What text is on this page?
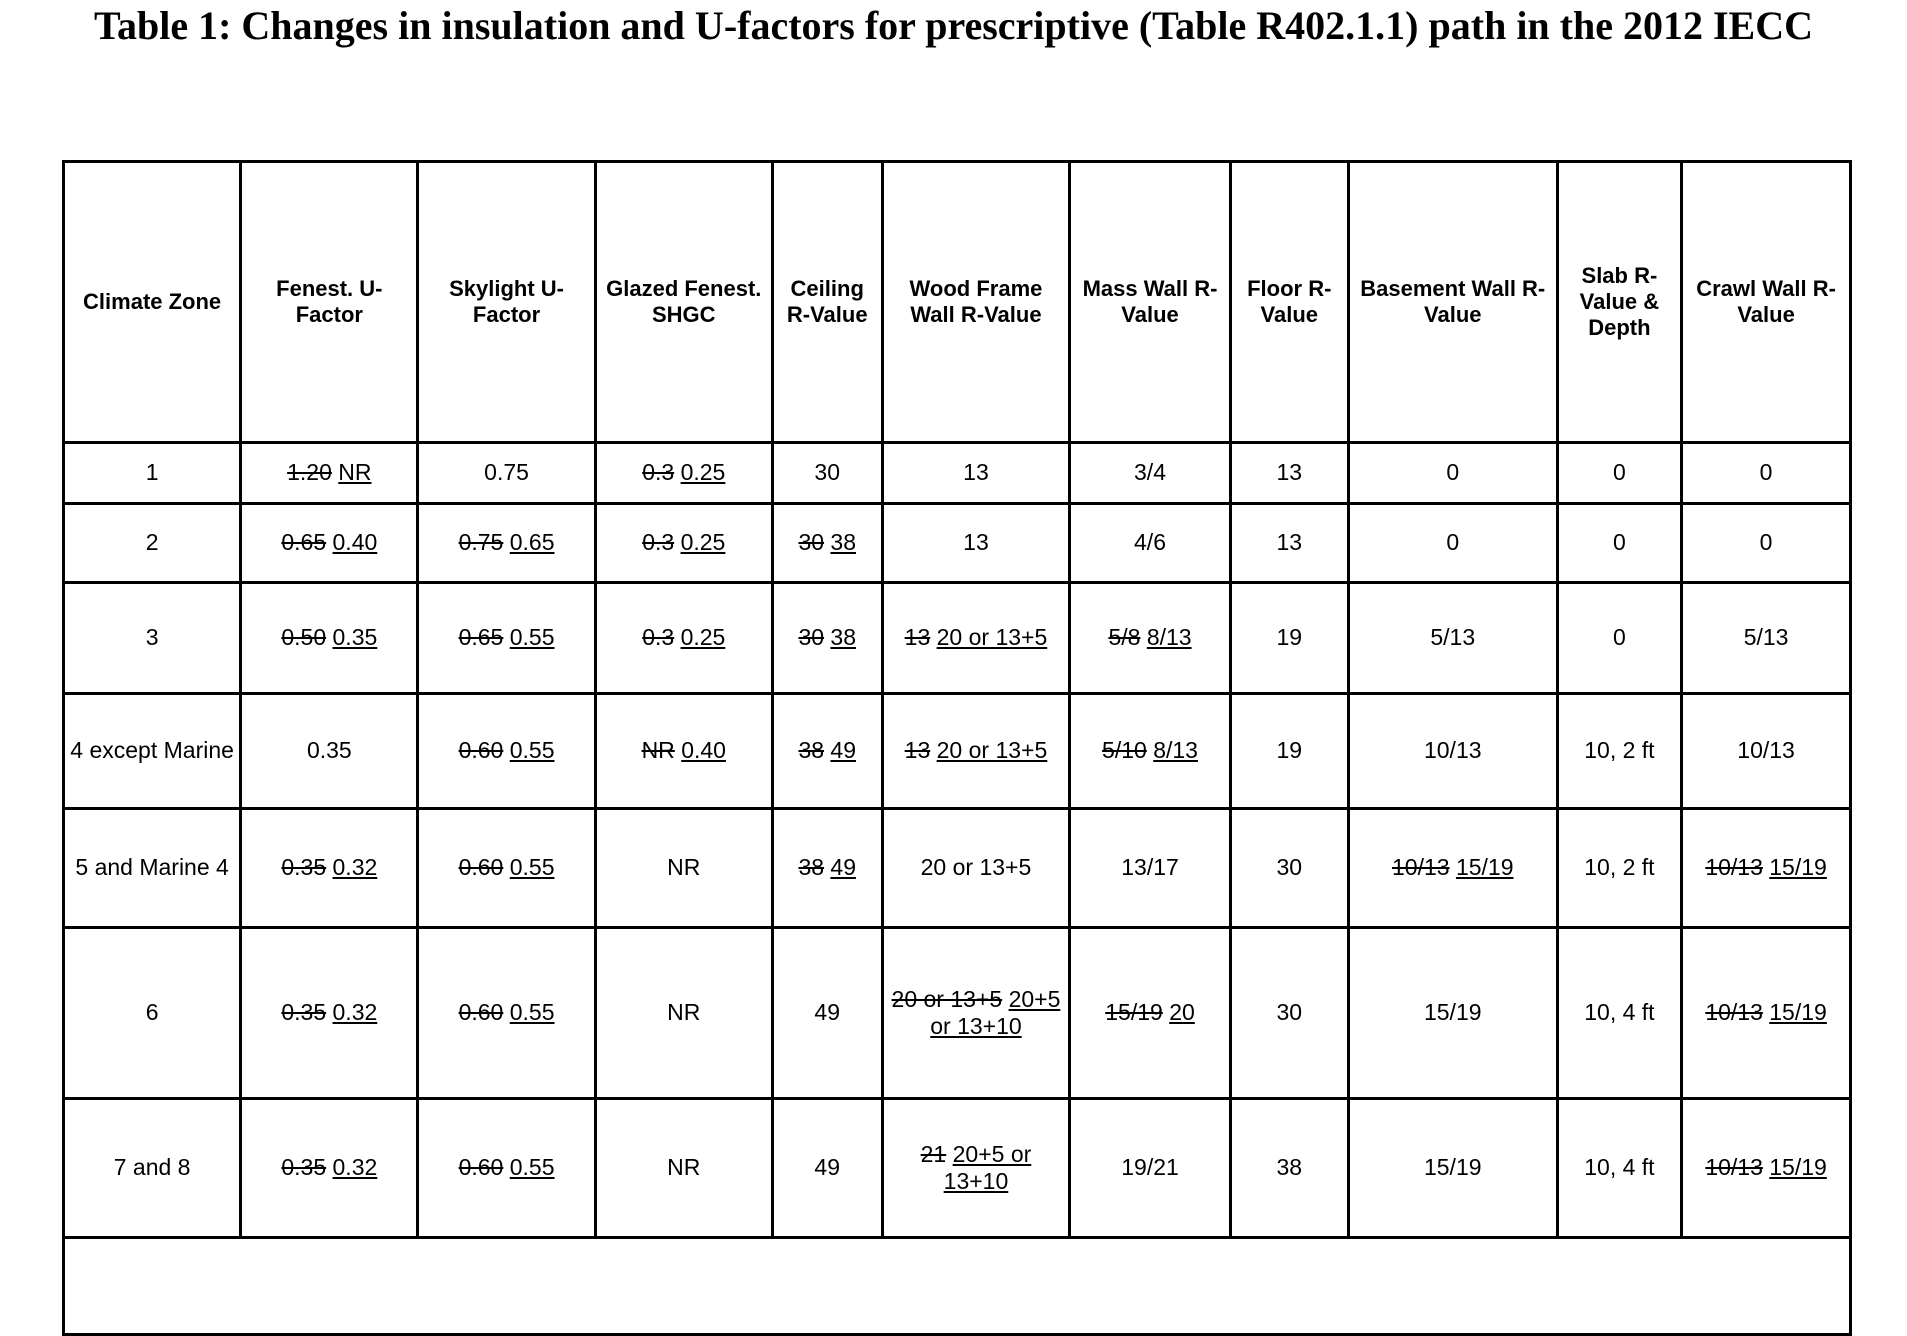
Table 1: Changes in insulation and U-factors for prescriptive (Table R402.1.1) path in the 2012 IECC
Climate Zone	Fenest. U-Factor	Skylight U-Factor	Glazed Fenest. SHGC	Ceiling R-Value	Wood Frame Wall R-Value	Mass Wall R-Value	Floor R-Value	Basement Wall R-Value	Slab R-Value & Depth	Crawl Wall R-Value
1	1.20 NR	0.75	0.3 0.25	30	13	3/4	13	0	0	0
2	0.65 0.40	0.75 0.65	0.3 0.25	30 38	13	4/6	13	0	0	0
3	0.50 0.35	0.65 0.55	0.3 0.25	30 38	13 20 or 13+5	5/8 8/13	19	5/13	0	5/13
4 except Marine	0.35	0.60 0.55	NR 0.40	38 49	13 20 or 13+5	5/10 8/13	19	10/13	10, 2 ft	10/13
5 and Marine 4	0.35 0.32	0.60 0.55	NR	38 49	20 or 13+5	13/17	30	10/13 15/19	10, 2 ft	10/13 15/19
6	0.35 0.32	0.60 0.55	NR	49	20 or 13+5 20+5 or 13+10	15/19 20	30	15/19	10, 4 ft	10/13 15/19
7 and 8	0.35 0.32	0.60 0.55	NR	49	21 20+5 or 13+10	19/21	38	15/19	10, 4 ft	10/13 15/19
